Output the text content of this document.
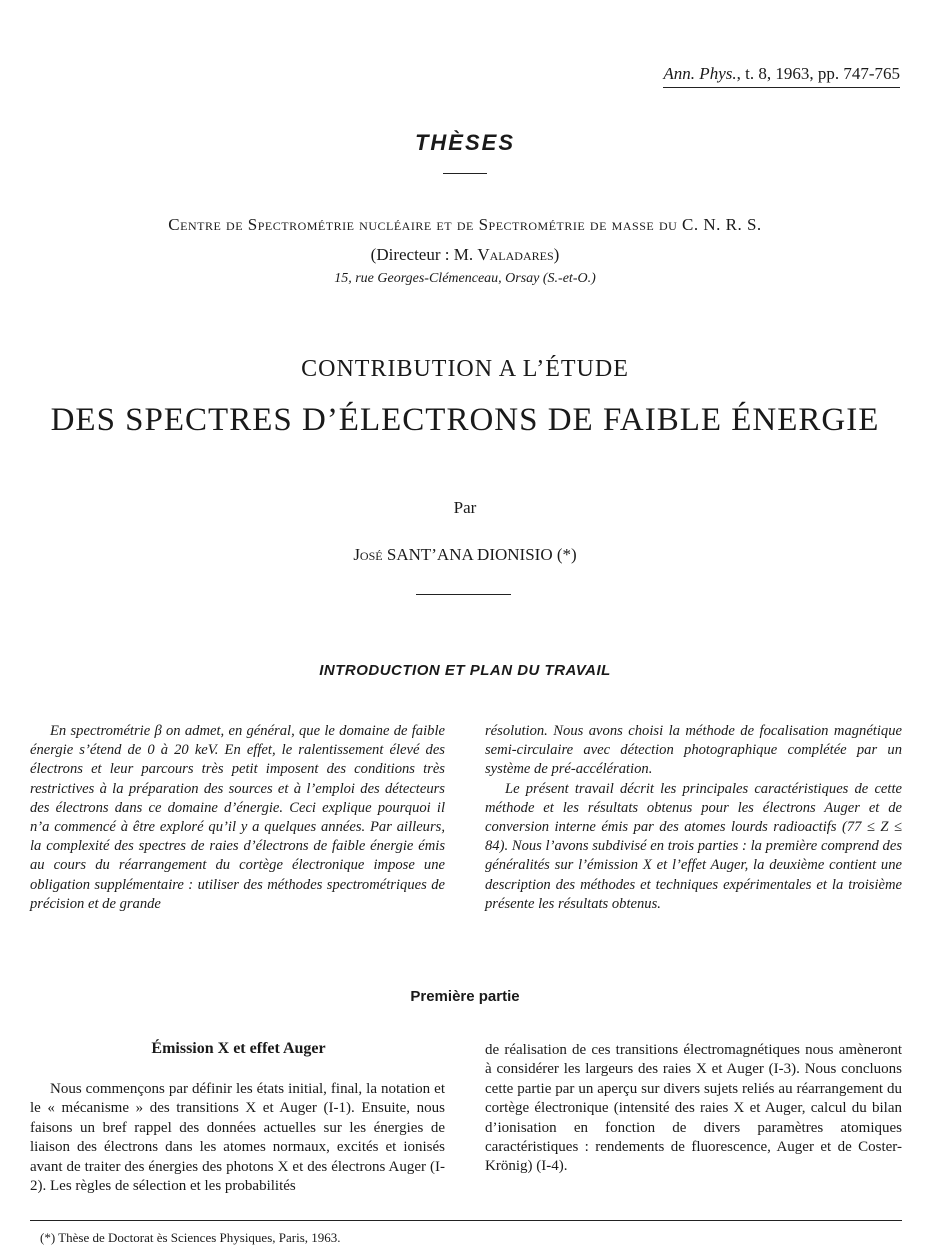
Ann. Phys., t. 8, 1963, pp. 747-765
THÈSES
Centre de Spectrométrie nucléaire et de Spectrométrie de masse du C. N. R. S.
(Directeur : M. Valadares)
15, rue Georges-Clémenceau, Orsay (S.-et-O.)
CONTRIBUTION A L’ÉTUDE
DES SPECTRES D’ÉLECTRONS DE FAIBLE ÉNERGIE
Par
José SANT’ANA DIONISIO (*)
INTRODUCTION ET PLAN DU TRAVAIL

En spectrométrie β on admet, en général, que le domaine de faible énergie s’étend de 0 à 20 keV. En effet, le ralentissement élevé des électrons et leur parcours très petit imposent des conditions très restrictives à la préparation des sources et à l’emploi des détecteurs des électrons dans ce domaine d’énergie. Ceci explique pourquoi il n’a commencé à être exploré qu’il y a quelques années. Par ailleurs, la complexité des spectres de raies d’électrons de faible énergie émis au cours du réarrangement du cortège électronique impose une obligation supplémentaire : utiliser des méthodes spectrométriques de précision et de grande

résolution. Nous avons choisi la méthode de focalisation magnétique semi-circulaire avec détection photographique complétée par un système de pré-accélération.

Le présent travail décrit les principales caractéristiques de cette méthode et les résultats obtenus pour les électrons Auger et de conversion interne émis par des atomes lourds radioactifs (77 ≤ Z ≤ 84). Nous l’avons subdivisé en trois parties : la première comprend des généralités sur l’émission X et l’effet Auger, la deuxième contient une description des méthodes et techniques expérimentales et la troisième présente les résultats obtenus.

Première partie
Émission X et effet Auger

Nous commençons par définir les états initial, final, la notation et le « mécanisme » des transitions X et Auger (I-1). Ensuite, nous faisons un bref rappel des données actuelles sur les énergies de liaison des électrons dans les atomes normaux, excités et ionisés avant de traiter des énergies des photons X et des électrons Auger (I-2). Les règles de sélection et les probabilités

de réalisation de ces transitions électromagnétiques nous amèneront à considérer les largeurs des raies X et Auger (I-3). Nous concluons cette partie par un aperçu sur divers sujets reliés au réarrangement du cortège électronique (intensité des raies X et Auger, calcul du bilan d’ionisation en fonction de divers paramètres atomiques caractéristiques : rendements de fluorescence, Auger et de Coster-Krönig) (I-4).

(*) Thèse de Doctorat ès Sciences Physiques, Paris, 1963.
